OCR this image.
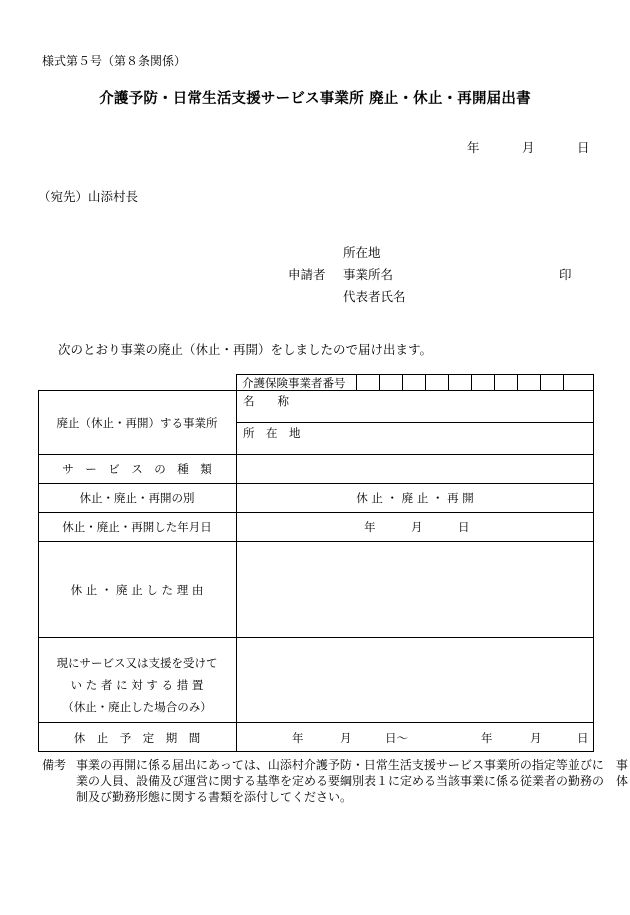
様式第５号（第８条関係）
介護予防・日常生活支援サービス事業所 廃止・休止・再開届出書
年	月	日
（宛先）山添村長
所在地
申請者 事業所名	印
代表者氏名
次のとおり事業の廃止（休止・再開）をしましたので届け出ます。
介護保険事業者番号
廃止（休止・再開）する事業所
名　　称
所　在　地
サ　ー　ビ　ス　の　種　類
休止・廃止・再開の別	休 止 ・ 廃 止 ・ 再 開
休止・廃止・再開した年月日	年	月	日
休 止 ・ 廃 止 し た 理 由
現にサービス又は支援を受けて
い た 者 に 対 す る 措 置
（休止・廃止した場合のみ）
休　止　予　定　期　間	年	月	日～	年	月	日
備考 事業の再開に係る届出にあっては、山添村介護予防・日常生活支援サービス事業所の指定等並びに　事
業の人員、設備及び運営に関する基準を定める要綱別表１に定める当該事業に係る従業者の勤務の　体
制及び勤務形態に関する書類を添付してください。
